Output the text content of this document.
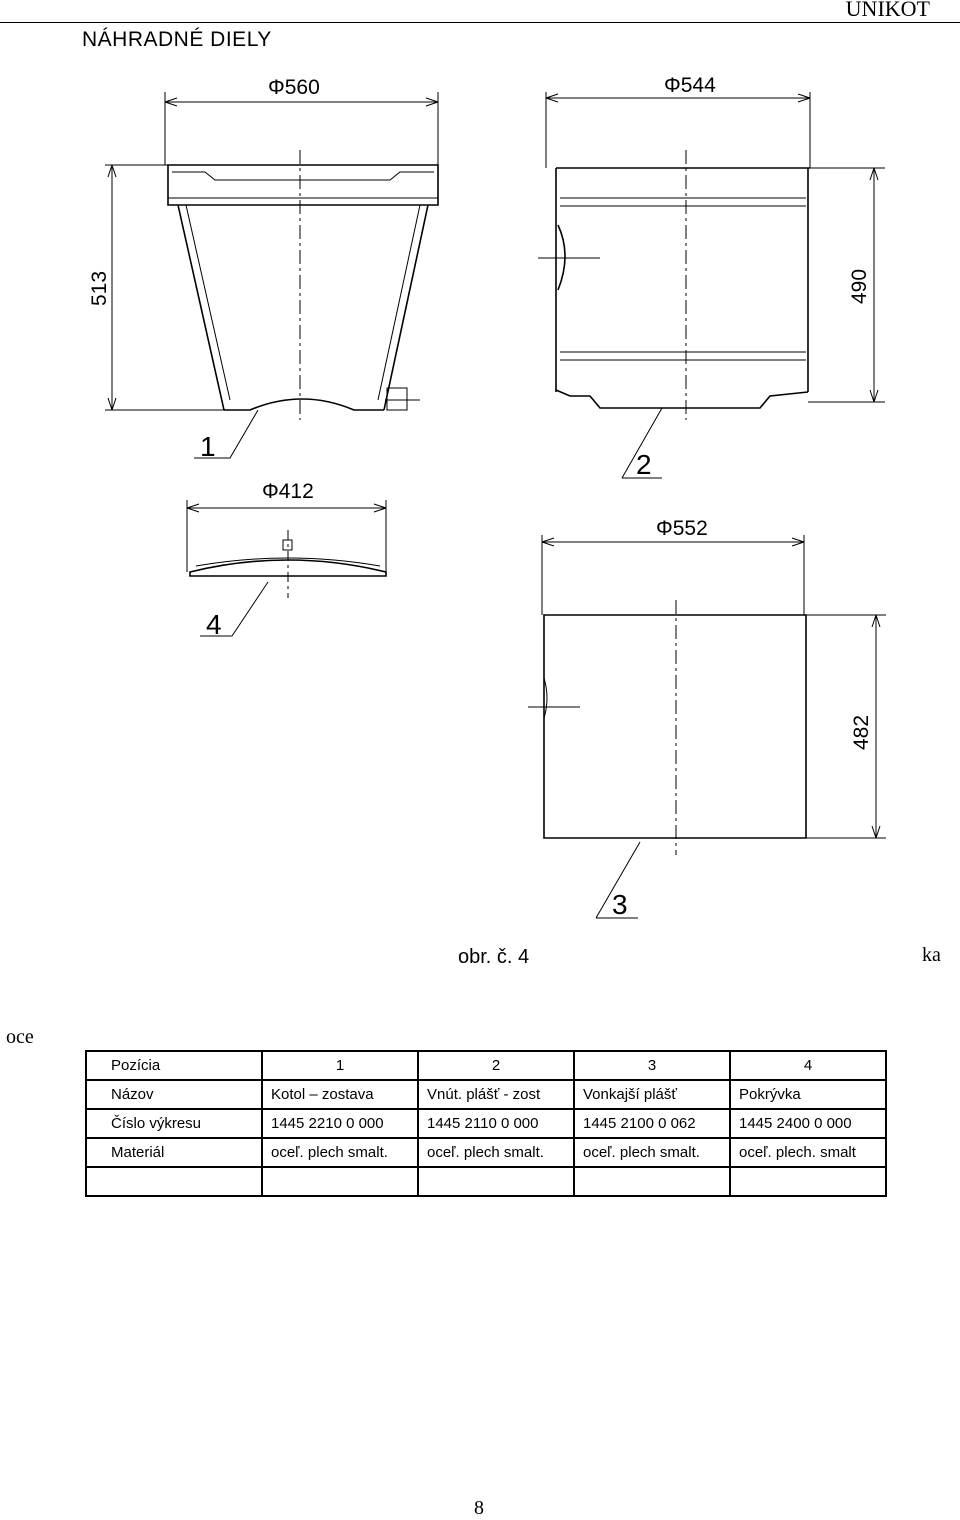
UNIKOT
NÁHRADNÉ DIELY
Φ560
513
1
Φ544
490
2
Φ412
4
Φ552
482
3
obr. č. 4	ka
oce
Pozícia	1	2	3	4
Názov	Kotol – zostava	Vnút. plášť - zost	Vonkajší plášť	Pokrývka
Číslo výkresu	1445 2210 0 000	1445 2110 0 000	1445 2100 0 062	1445 2400 0 000
Materiál	oceľ. plech smalt.	oceľ. plech smalt.	oceľ. plech smalt.	oceľ. plech. smalt

8
